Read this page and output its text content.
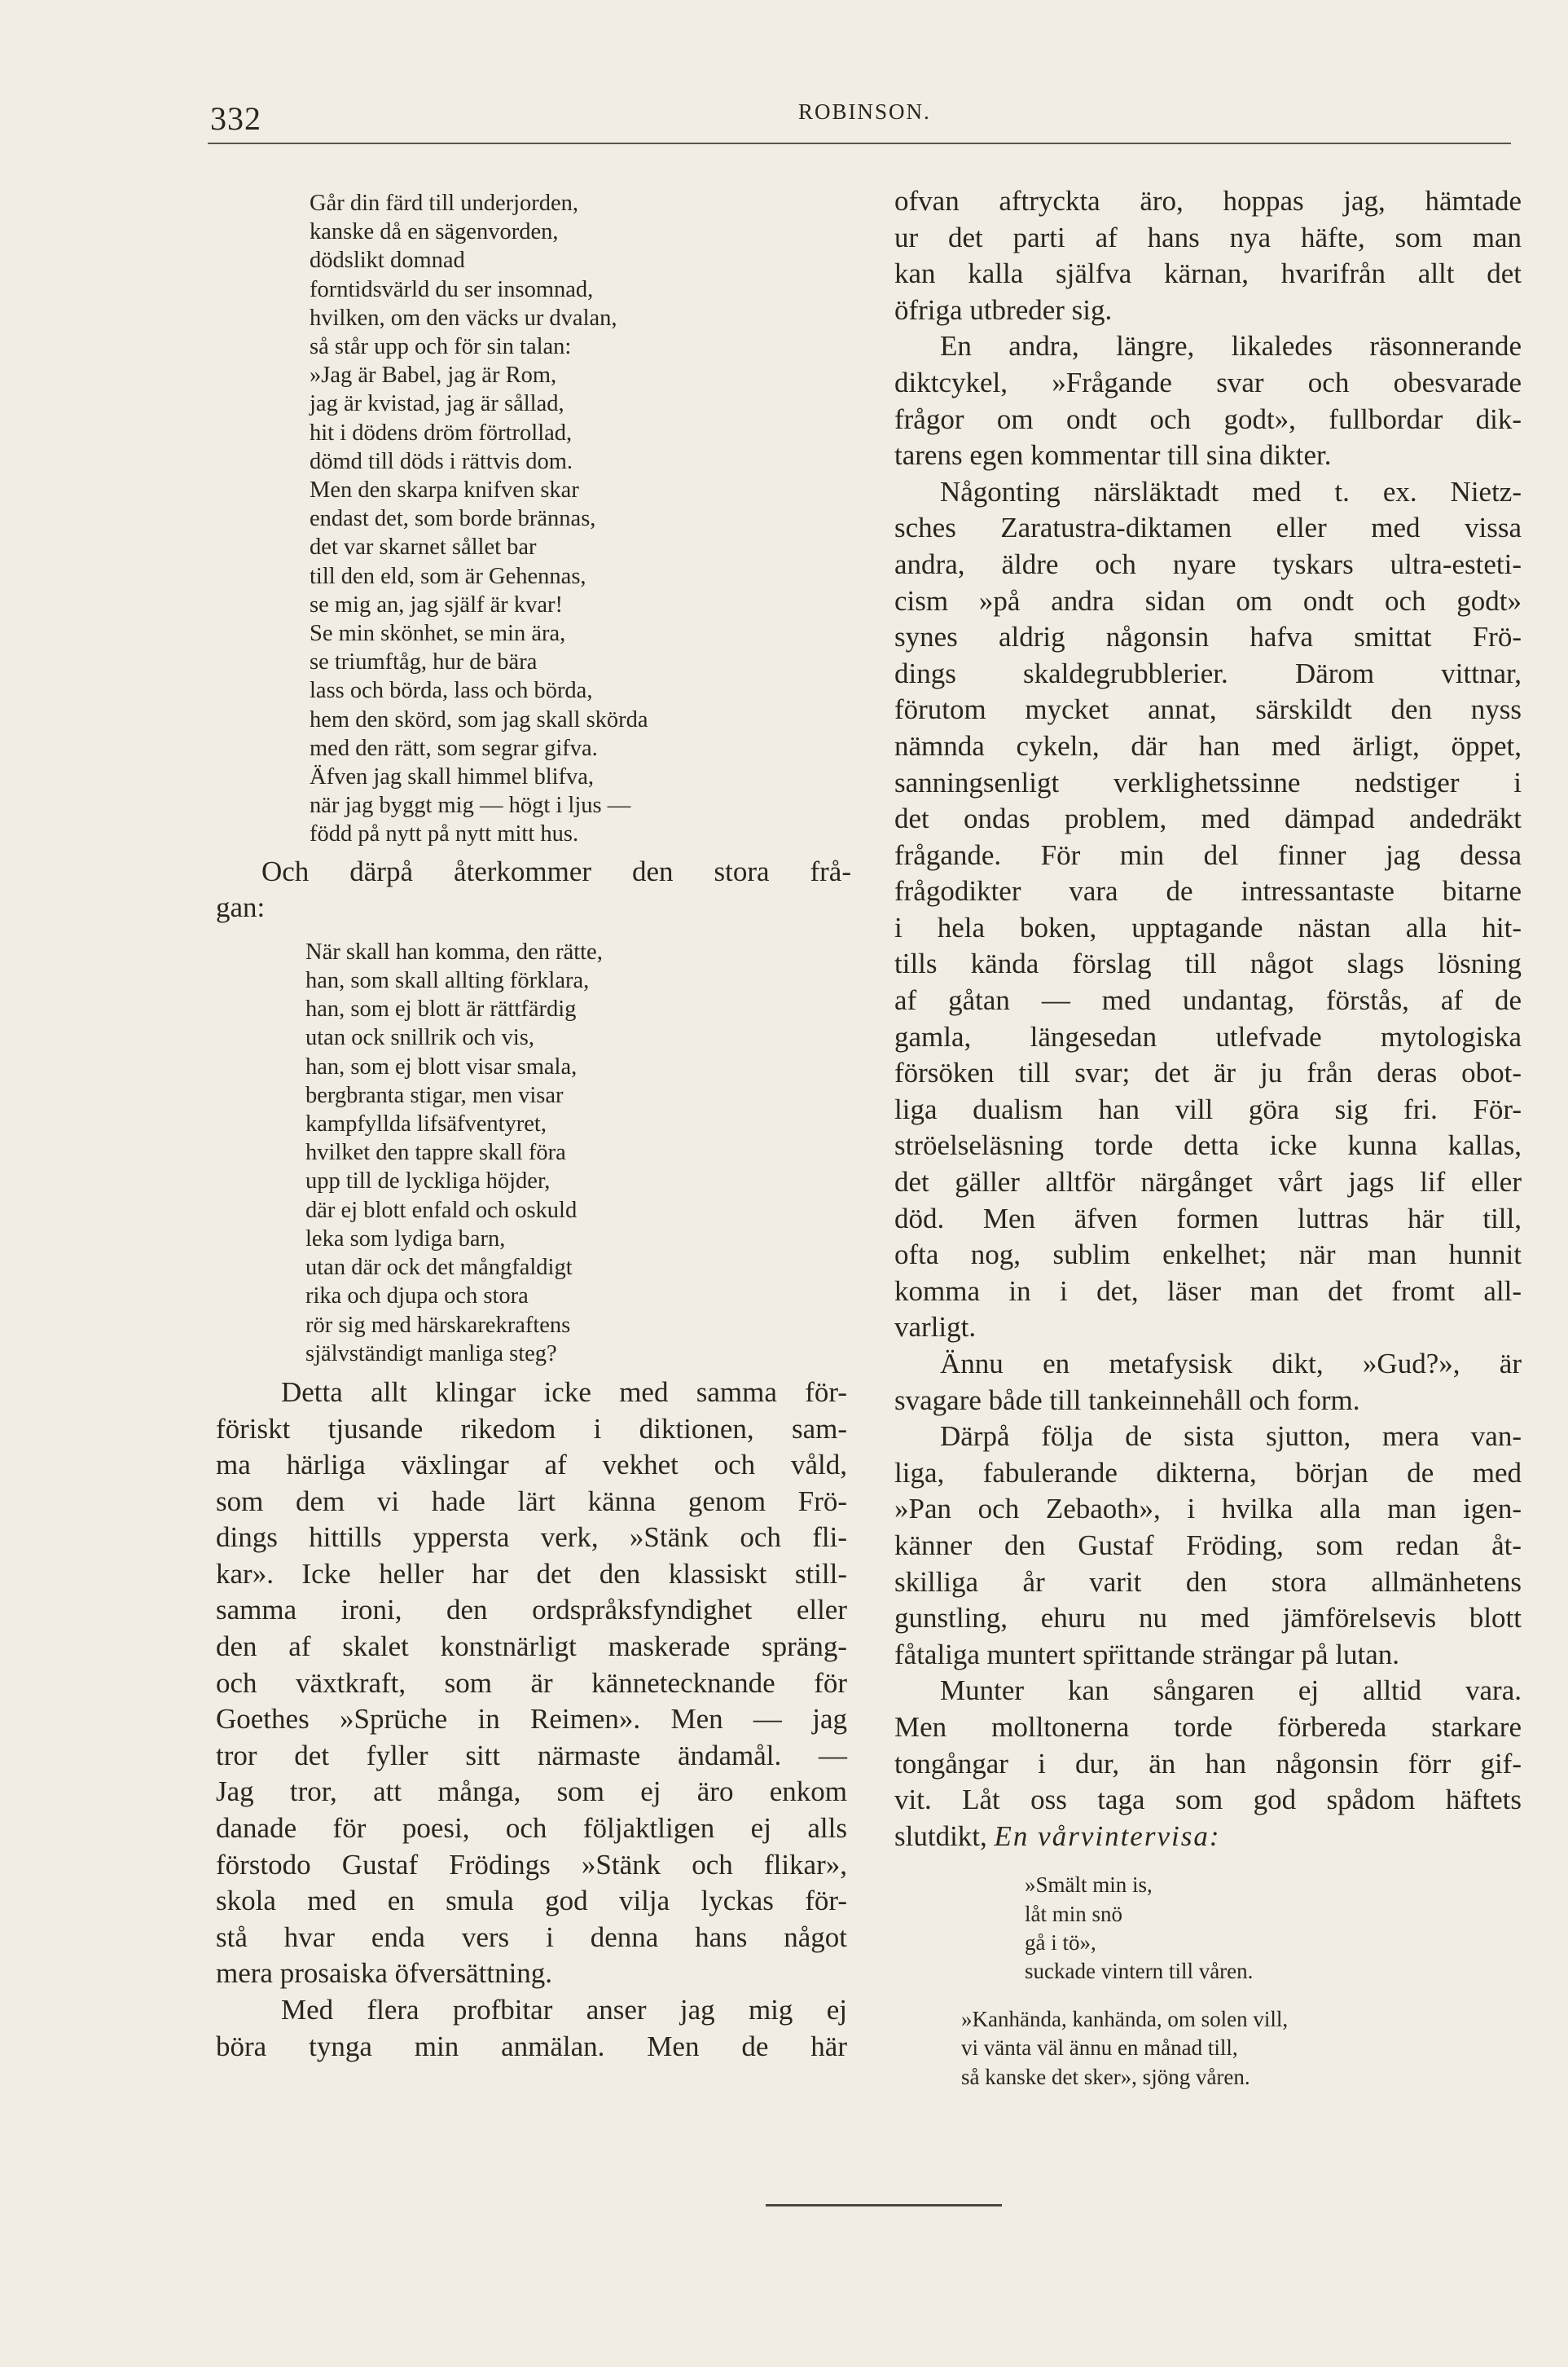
332	ROBINSON.
Går din färd till underjorden,
kanske då en sägenvorden,
dödslikt domnad
forntidsvärld du ser insomnad,
hvilken, om den väcks ur dvalan,
så står upp och för sin talan:
»Jag är Babel, jag är Rom,
jag är kvistad, jag är sållad,
hit i dödens dröm förtrollad,
dömd till döds i rättvis dom.
Men den skarpa knifven skar
endast det, som borde brännas,
det var skarnet sållet bar
till den eld, som är Gehennas,
se mig an, jag själf är kvar!
Se min skönhet, se min ära,
se triumftåg, hur de bära
lass och börda, lass och börda,
hem den skörd, som jag skall skörda
med den rätt, som segrar gifva.
Äfven jag skall himmel blifva,
när jag byggt mig — högt i ljus —
född på nytt på nytt mitt hus.
Och därpå återkommer den stora frå-
gan:
När skall han komma, den rätte,
han, som skall allting förklara,
han, som ej blott är rättfärdig
utan ock snillrik och vis,
han, som ej blott visar smala,
bergbranta stigar, men visar
kampfyllda lifsäfventyret,
hvilket den tappre skall föra
upp till de lyckliga höjder,
där ej blott enfald och oskuld
leka som lydiga barn,
utan där ock det mångfaldigt
rika och djupa och stora
rör sig med härskarekraftens
självständigt manliga steg?
Detta allt klingar icke med samma för-
föriskt tjusande rikedom i diktionen, sam-
ma härliga växlingar af vekhet och våld,
som dem vi hade lärt känna genom Frö-
dings hittills yppersta verk, »Stänk och fli-
kar». Icke heller har det den klassiskt still-
samma ironi, den ordspråksfyndighet eller
den af skalet konstnärligt maskerade spräng-
och växtkraft, som är kännetecknande för
Goethes »Sprüche in Reimen». Men — jag
tror det fyller sitt närmaste ändamål. —
Jag tror, att många, som ej äro enkom
danade för poesi, och följaktligen ej alls
förstodo Gustaf Frödings »Stänk och flikar»,
skola med en smula god vilja lyckas för-
stå hvar enda vers i denna hans något
mera prosaiska öfversättning.
Med flera profbitar anser jag mig ej
böra tynga min anmälan. Men de här
ofvan aftryckta äro, hoppas jag, hämtade
ur det parti af hans nya häfte, som man
kan kalla själfva kärnan, hvarifrån allt det
öfriga utbreder sig.
En andra, längre, likaledes räsonnerande
diktcykel, »Frågande svar och obesvarade
frågor om ondt och godt», fullbordar dik-
tarens egen kommentar till sina dikter.
Någonting närsläktadt med t. ex. Nietz-
sches Zaratustra-diktamen eller med vissa
andra, äldre och nyare tyskars ultra-esteti-
cism »på andra sidan om ondt och godt»
synes aldrig någonsin hafva smittat Frö-
dings skaldegrubblerier. Därom vittnar,
förutom mycket annat, särskildt den nyss
nämnda cykeln, där han med ärligt, öppet,
sanningsenligt verklighetssinne nedstiger i
det ondas problem, med dämpad andedräkt
frågande. För min del finner jag dessa
frågodikter vara de intressantaste bitarne
i hela boken, upptagande nästan alla hit-
tills kända förslag till något slags lösning
af gåtan — med undantag, förstås, af de
gamla, längesedan utlefvade mytologiska
försöken till svar; det är ju från deras obot-
liga dualism han vill göra sig fri. För-
ströelseläsning torde detta icke kunna kallas,
det gäller alltför närgånget vårt jags lif eller
död. Men äfven formen luttras här till,
ofta nog, sublim enkelhet; när man hunnit
komma in i det, läser man det fromt all-
varligt.
Ännu en metafysisk dikt, »Gud?», är
svagare både till tankeinnehåll och form.
Därpå följa de sista sjutton, mera van-
liga, fabulerande dikterna, början de med
»Pan och Zebaoth», i hvilka alla man igen-
känner den Gustaf Fröding, som redan åt-
skilliga år varit den stora allmänhetens
gunstling, ehuru nu med jämförelsevis blott
fåtaliga muntert spr̈ittande strängar på lutan.
Munter kan sångaren ej alltid vara.
Men molltonerna torde förbereda starkare
tongångar i dur, än han någonsin förr gif-
vit. Låt oss taga som god spådom häftets
slutdikt, En vårvintervisa:
»Smält min is,
låt min snö
gå i tö»,
suckade vintern till våren.
»Kanhända, kanhända, om solen vill,
vi vänta väl ännu en månad till,
så kanske det sker», sjöng våren.
